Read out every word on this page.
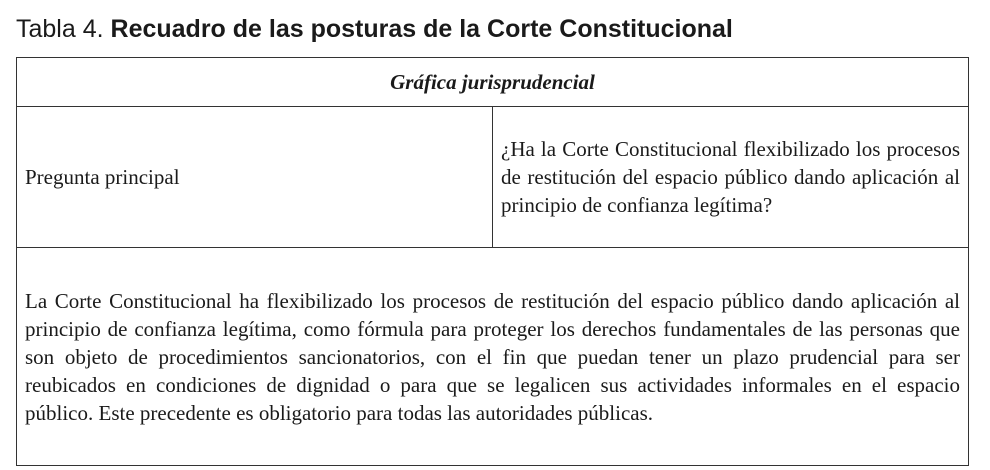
Tabla 4. Recuadro de las posturas de la Corte Constitucional
Gráfica jurisprudencial
Pregunta principal	¿Ha la Corte Constitucional flexibilizado los procesos de restitución del espacio público dando aplicación al principio de confianza legítima?
La Corte Constitucional ha flexibilizado los procesos de restitución del espacio público dando aplicación al principio de confianza legítima, como fórmula para proteger los derechos fundamentales de las personas que son objeto de procedimientos sancionatorios, con el fin que puedan tener un plazo prudencial para ser reubicados en condiciones de dignidad o para que se legalicen sus actividades informales en el espacio público. Este precedente es obligatorio para todas las autoridades públicas.
